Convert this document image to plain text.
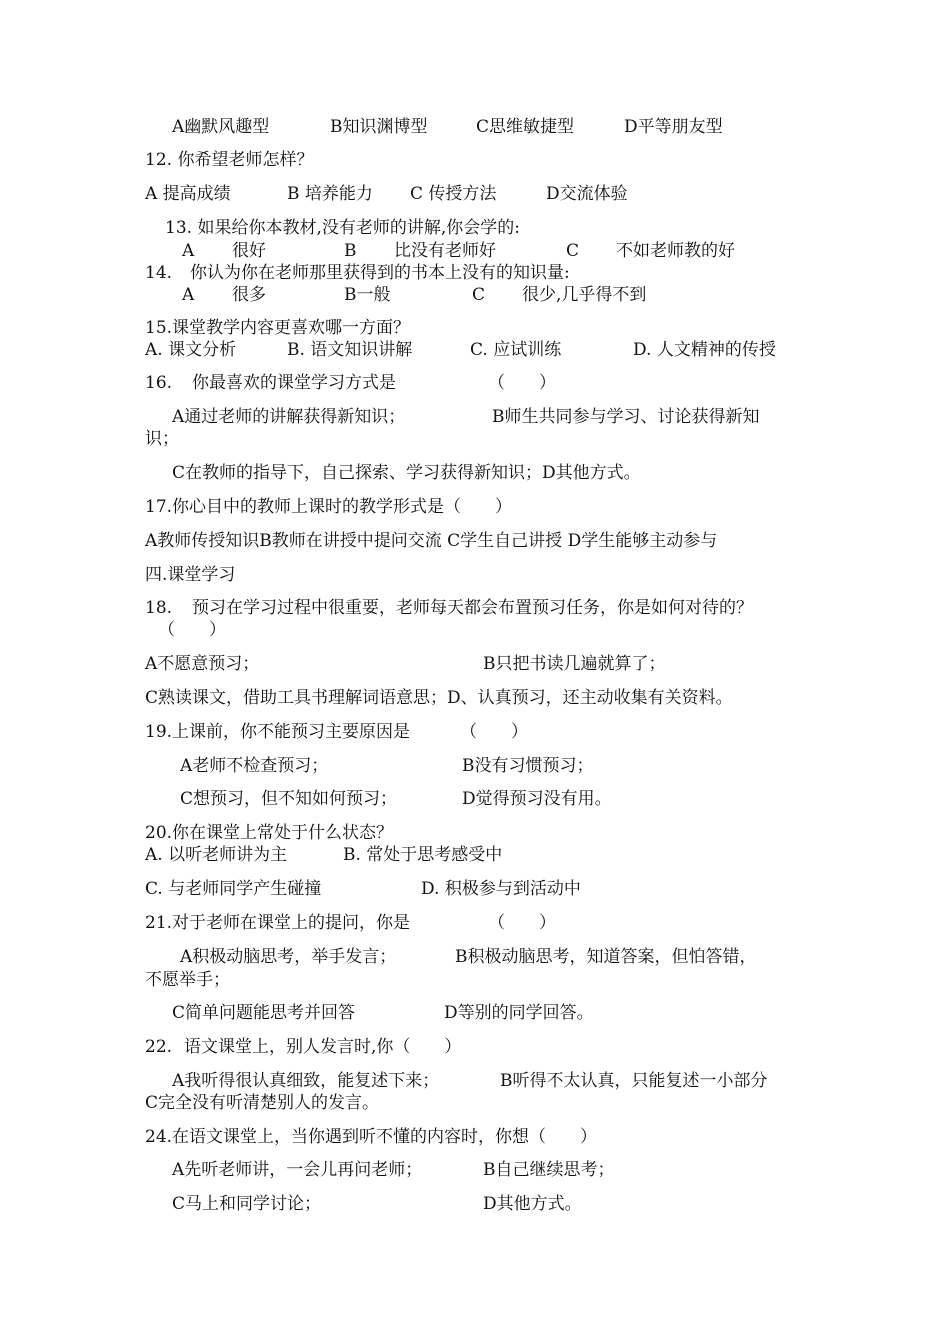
A幽默风趣型	B知识渊博型	C思维敏捷型	D平等朋友型
12. 你希望老师怎样？
A 提高成绩	B 培养能力 C 传授方法	D交流体验
13. 如果给你本教材,没有老师的讲解,你会学的:
A 很好	B 比没有老师好	C 不如老师教的好
14. 你认为你在老师那里获得到的书本上没有的知识量:
A 很多	B一般	C 很少,几乎得不到
15.课堂教学内容更喜欢哪一方面？
A. 课文分析	B. 语文知识讲解	C. 应试训练	D. 人文精神的传授
16. 你最喜欢的课堂学习方式是	（　　）
A通过老师的讲解获得新知识；	B师生共同参与学习、讨论获得新知
识；
C在教师的指导下，自己探索、学习获得新知识；D其他方式。
17.你心目中的教师上课时的教学形式是（　　）
A教师传授知识B教师在讲授中提问交流 C学生自己讲授 D学生能够主动参与
四.课堂学习
18. 预习在学习过程中很重要，老师每天都会布置预习任务，你是如何对待的？
（　　）
A不愿意预习；	B只把书读几遍就算了；
C熟读课文，借助工具书理解词语意思；D、认真预习，还主动收集有关资料。
19.上课前，你不能预习主要原因是	（　　）
A老师不检查预习；	B没有习惯预习；
C想预习，但不知如何预习；	D觉得预习没有用。
20.你在课堂上常处于什么状态？
A. 以听老师讲为主	B. 常处于思考感受中
C. 与老师同学产生碰撞	D. 积极参与到活动中
21.对于老师在课堂上的提问，你是	（　　）
A积极动脑思考，举手发言；	B积极动脑思考，知道答案，但怕答错，
不愿举手；
C简单问题能思考并回答	D等别的同学回答。
22. 语文课堂上，别人发言时,你（　　）
A我听得很认真细致，能复述下来；	B听得不太认真，只能复述一小部分
C完全没有听清楚别人的发言。
24.在语文课堂上，当你遇到听不懂的内容时，你想（　　）
A先听老师讲，一会儿再问老师；	B自己继续思考；
C马上和同学讨论；	D其他方式。
